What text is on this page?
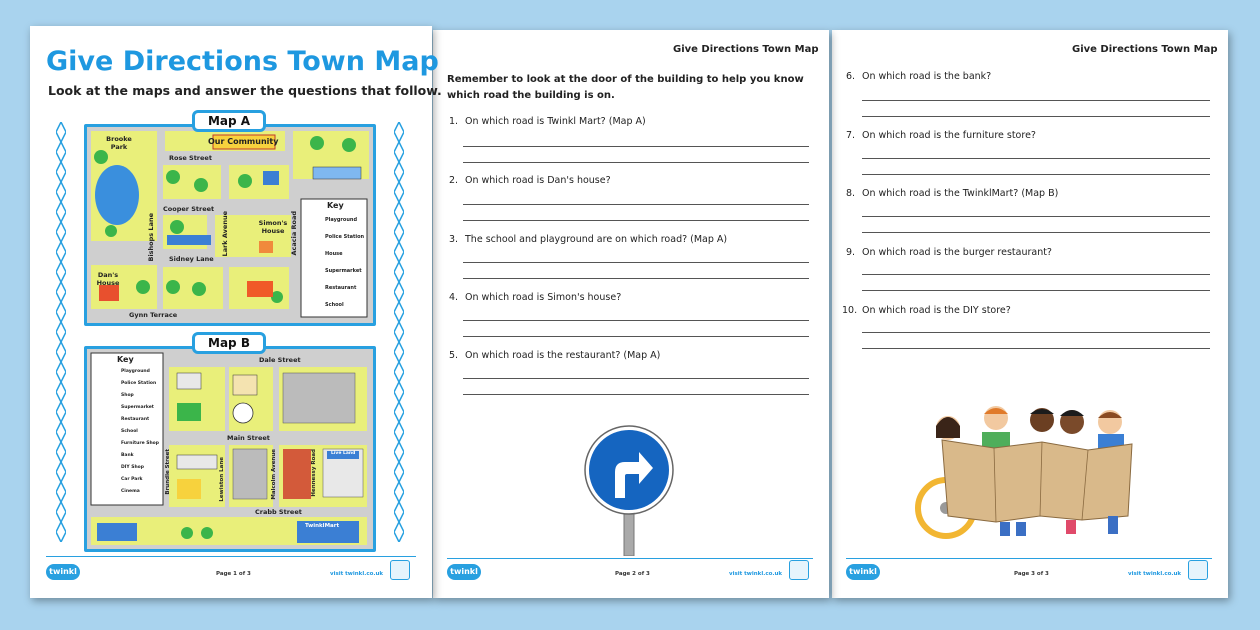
Give Directions Town Map
Look at the maps and answer the questions that follow.
Map A
Our Community
Brooke Park
Simon's House
Dan's House
Rose Street
Cooper Street
Sidney Lane
Gynn Terrace
Bishops Lane	Lark Avenue	Acacia Road
Key
Playground
Police Station
House
Supermarket
Restaurant
School
Map B
Key
Playground
Police Station
Shop
Supermarket
Restaurant
School
Furniture Shop
Bank
DIY Shop
Car Park
Cinema
Dale Street
Main Street
Crabb Street
Brundle Street	Lewiston Lane	Malcolm Avenue	Hennessy Road	Live Land
TwinklMart
twinkl	Page 1 of 3	visit twinkl.co.uk
Give Directions Town Map
Remember to look at the door of the building to help you know which road the building is on.
1. On which road is Twinkl Mart? (Map A)
2. On which road is Dan's house?
3. The school and playground are on which road? (Map A)
4. On which road is Simon's house?
5. On which road is the restaurant? (Map A)
twinkl	Page 2 of 3	visit twinkl.co.uk
Give Directions Town Map
6. On which road is the bank?
7. On which road is the furniture store?
8. On which road is the TwinklMart? (Map B)
9. On which road is the burger restaurant?
10. On which road is the DIY store?
twinkl	Page 3 of 3	visit twinkl.co.uk
